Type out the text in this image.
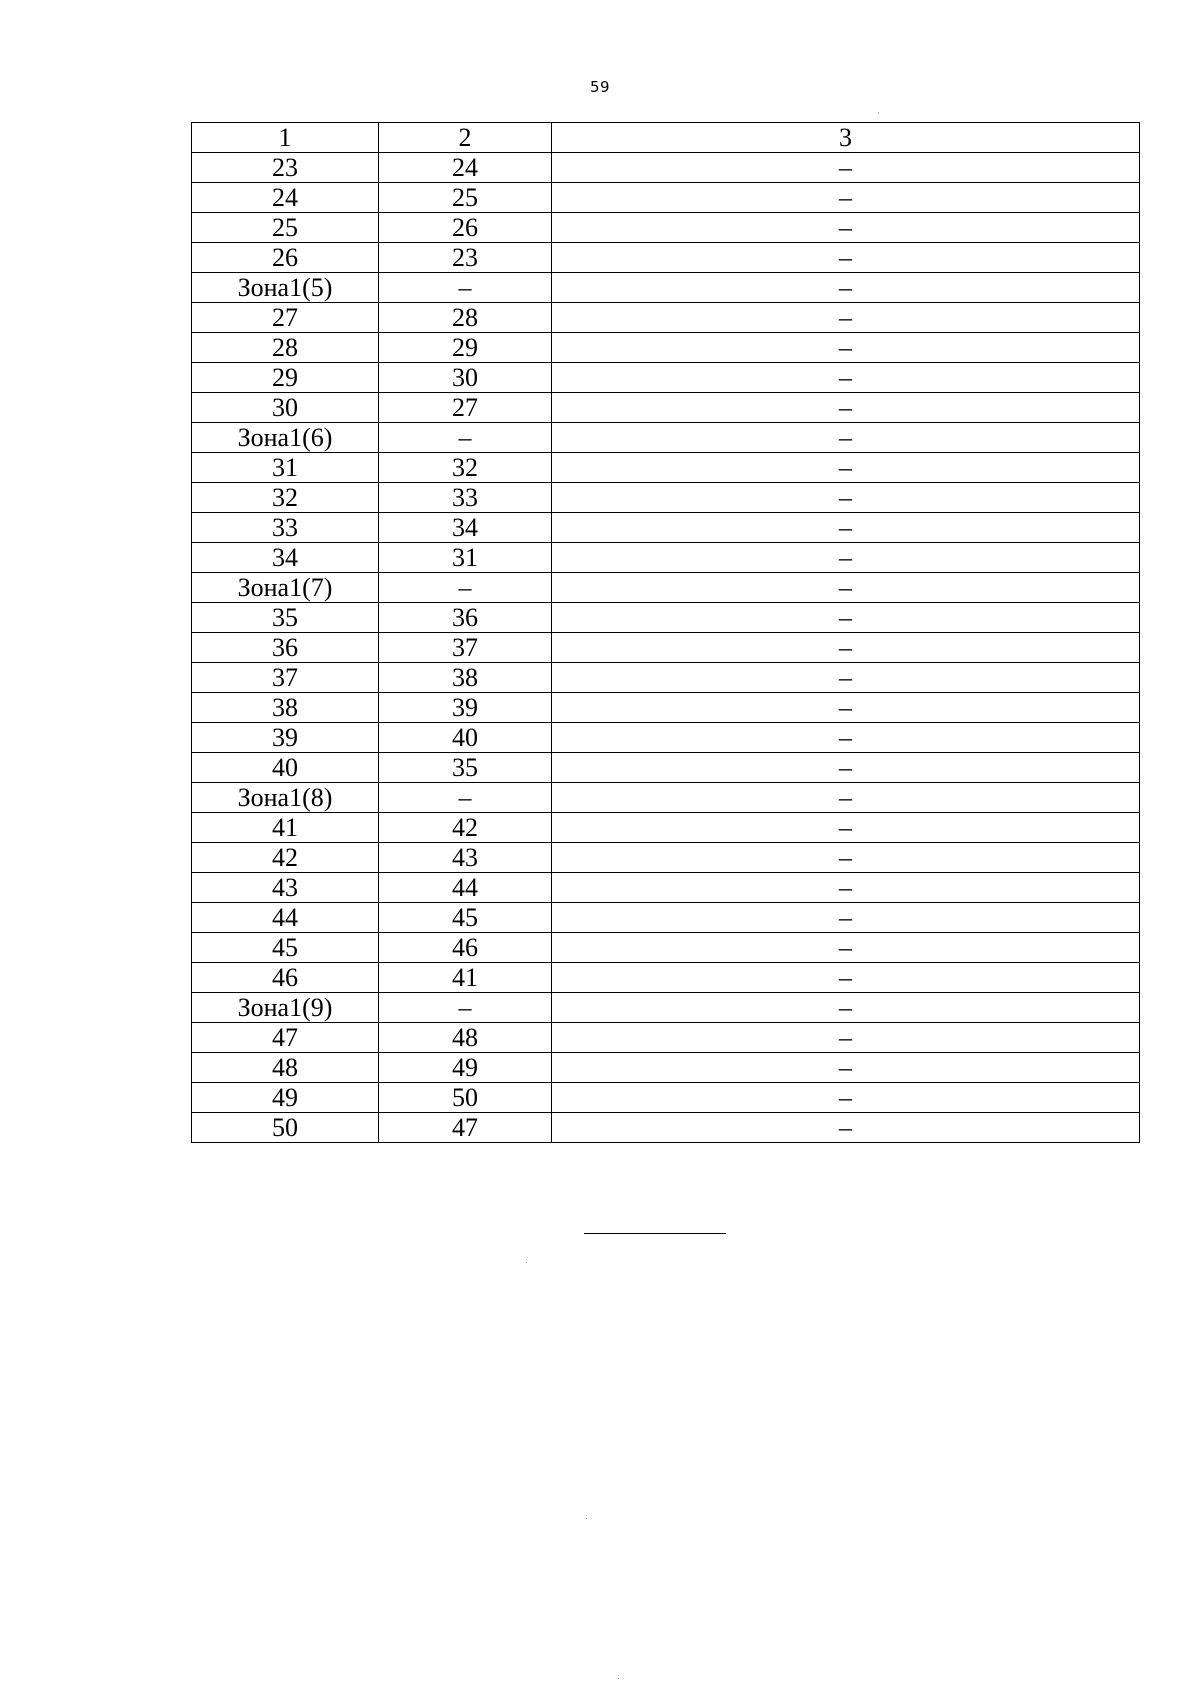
59
1	2	3
23	24	–
24	25	–
25	26	–
26	23	–
Зона1(5)	–	–
27	28	–
28	29	–
29	30	–
30	27	–
Зона1(6)	–	–
31	32	–
32	33	–
33	34	–
34	31	–
Зона1(7)	–	–
35	36	–
36	37	–
37	38	–
38	39	–
39	40	–
40	35	–
Зона1(8)	–	–
41	42	–
42	43	–
43	44	–
44	45	–
45	46	–
46	41	–
Зона1(9)	–	–
47	48	–
48	49	–
49	50	–
50	47	–
